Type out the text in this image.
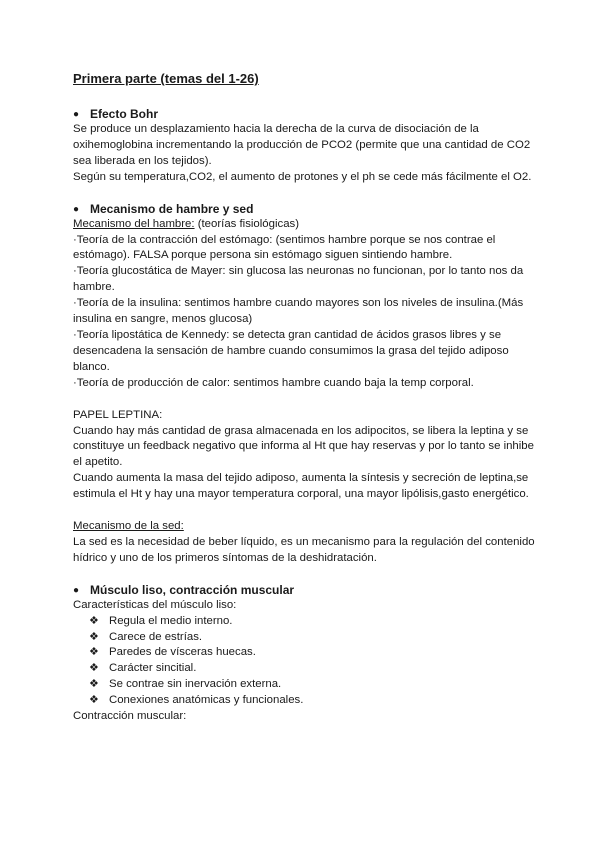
Primera parte (temas del 1-26)
● Efecto Bohr

Se produce un desplazamiento hacia la derecha de la curva de disociación de la oxihemoglobina incrementando la producción de PCO2 (permite que una cantidad de CO2 sea liberada en los tejidos).

Según su temperatura,CO2, el aumento de protones y el ph se cede más fácilmente el O2.

● Mecanismo de hambre y sed

Mecanismo del hambre: (teorías fisiológicas)

·Teoría de la contracción del estómago: (sentimos hambre porque se nos contrae el estómago). FALSA porque persona sin estómago siguen sintiendo hambre.

·Teoría glucostática de Mayer: sin glucosa las neuronas no funcionan, por lo tanto nos da hambre.

·Teoría de la insulina: sentimos hambre cuando mayores son los niveles de insulina.(Más insulina en sangre, menos glucosa)

·Teoría lipostática de Kennedy: se detecta gran cantidad de ácidos grasos libres y se desencadena la sensación de hambre cuando consumimos la grasa del tejido adiposo blanco.

·Teoría de producción de calor: sentimos hambre cuando baja la temp corporal.

PAPEL LEPTINA:

Cuando hay más cantidad de grasa almacenada en los adipocitos, se libera la leptina y se constituye un feedback negativo que informa al Ht que hay reservas y por lo tanto se inhibe el apetito.

Cuando aumenta la masa del tejido adiposo, aumenta la síntesis y secreción de leptina,se estimula el Ht y hay una mayor temperatura corporal, una mayor lipólisis,gasto energético.

Mecanismo de la sed:

La sed es la necesidad de beber líquido, es un mecanismo para la regulación del contenido hídrico y uno de los primeros síntomas de la deshidratación.

● Músculo liso, contracción muscular

Características del músculo liso:

❖ Regula el medio interno.
❖ Carece de estrías.
❖ Paredes de vísceras huecas.
❖ Carácter sincitial.
❖ Se contrae sin inervación externa.
❖ Conexiones anatómicas y funcionales.

Contracción muscular:
